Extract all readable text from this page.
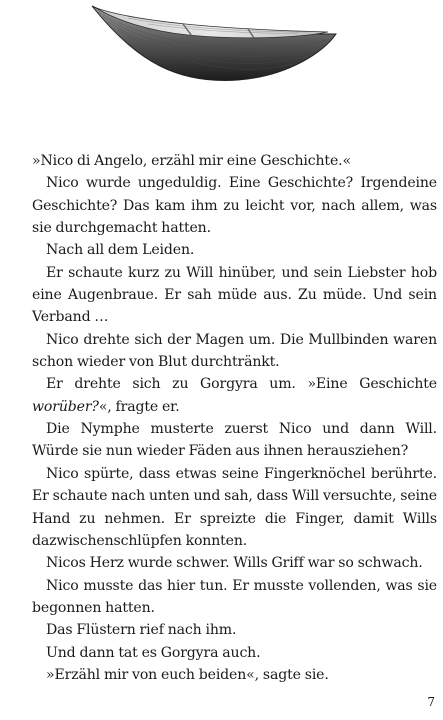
»Nico di Angelo, erzähl mir eine Geschichte.«

Nico wurde ungeduldig. Eine Geschichte? Irgendeine Geschichte? Das kam ihm zu leicht vor, nach allem, was sie durchgemacht hatten.

Nach all dem Leiden.

Er schaute kurz zu Will hinüber, und sein Liebster hob eine Augenbraue. Er sah müde aus. Zu müde. Und sein Verband …

Nico drehte sich der Magen um. Die Mullbinden waren schon wieder von Blut durchtränkt.

Er drehte sich zu Gorgyra um. »Eine Geschichte worüber?«, fragte er.

Die Nymphe musterte zuerst Nico und dann Will. Würde sie nun wieder Fäden aus ihnen herausziehen?

Nico spürte, dass etwas seine Fingerknöchel berührte. Er schaute nach unten und sah, dass Will versuchte, seine Hand zu nehmen. Er spreizte die Finger, damit Wills dazwischenschlüpfen konnten.

Nicos Herz wurde schwer. Wills Griff war so schwach.

Nico musste das hier tun. Er musste vollenden, was sie begonnen hatten.

Das Flüstern rief nach ihm.

Und dann tat es Gorgyra auch.

»Erzähl mir von euch beiden«, sagte sie.

7
